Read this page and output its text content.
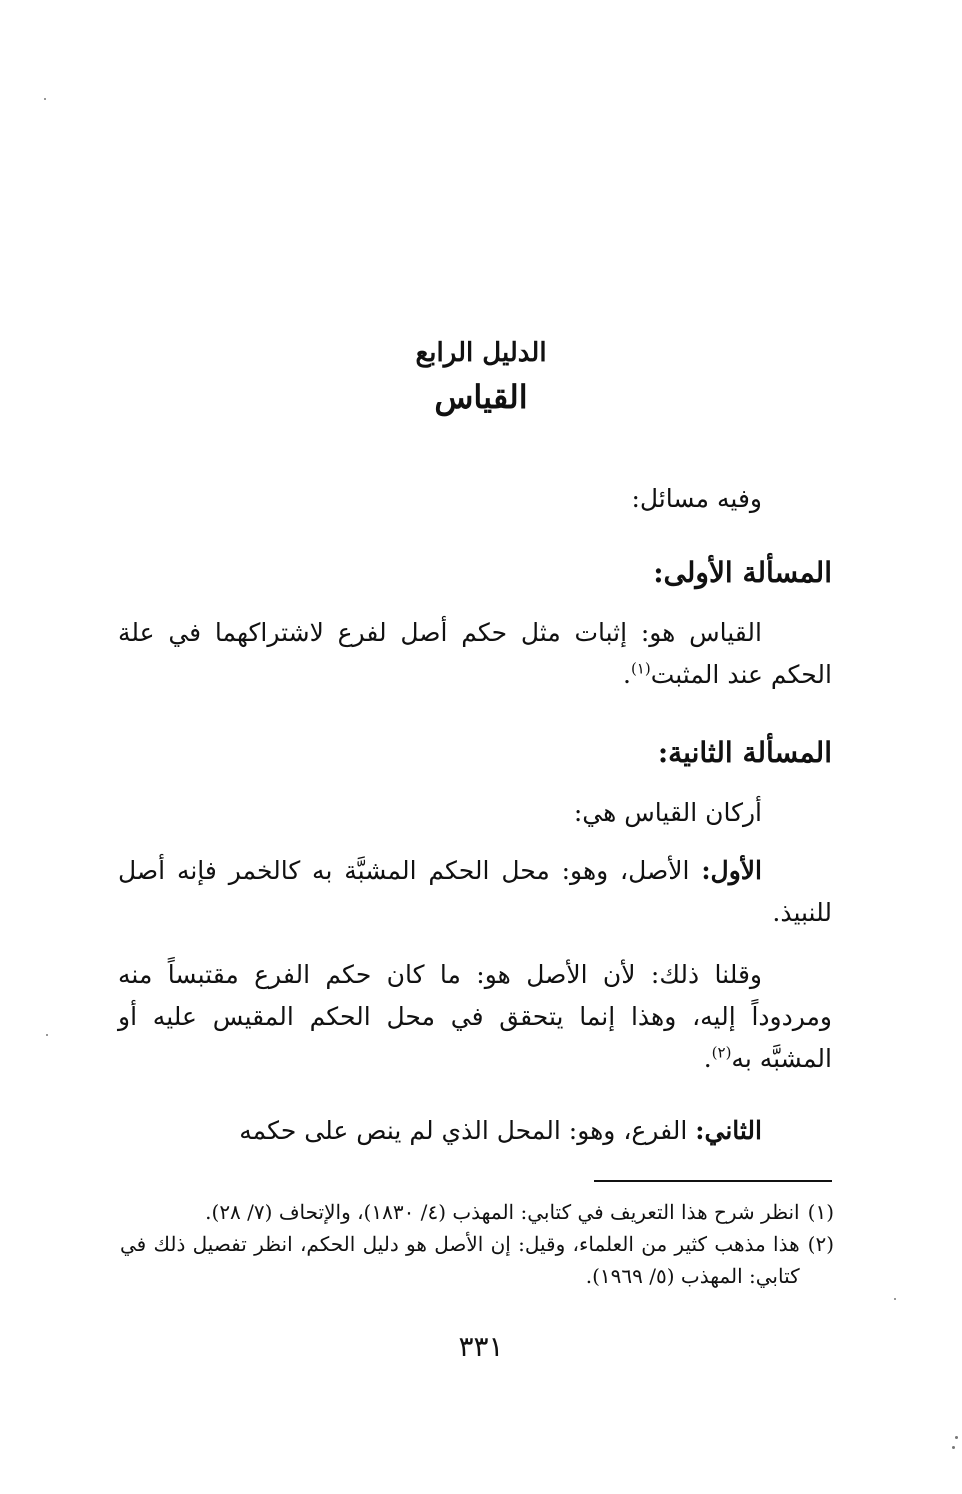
الدليل الرابع
القياس
وفيه مسائل:
المسألة الأولى:
القياس هو: إثبات مثل حكم أصل لفرع لاشتراكهما في علة الحكم عند المثبت$^{(١)}$.
المسألة الثانية:
أركان القياس هي:
الأول: الأصل، وهو: محل الحكم المشبَّة به كالخمر فإنه أصل للنبيذ.
وقلنا ذلك: لأن الأصل هو: ما كان حكم الفرع مقتبساً منه ومردوداً إليه، وهذا إنما يتحقق في محل الحكم المقيس عليه أو المشبَّه به$^{(٢)}$.
الثاني: الفرع، وهو: المحل الذي لم ينص على حكمه
(١)
انظر شرح هذا التعريف في كتابي: المهذب (٤/ ١٨٣٠)، والإتحاف (٧/ ٢٨).
(٢)
هذا مذهب كثير من العلماء، وقيل: إن الأصل هو دليل الحكم، انظر تفصيل ذلك في كتابي: المهذب (٥/ ١٩٦٩).
٣٣١
